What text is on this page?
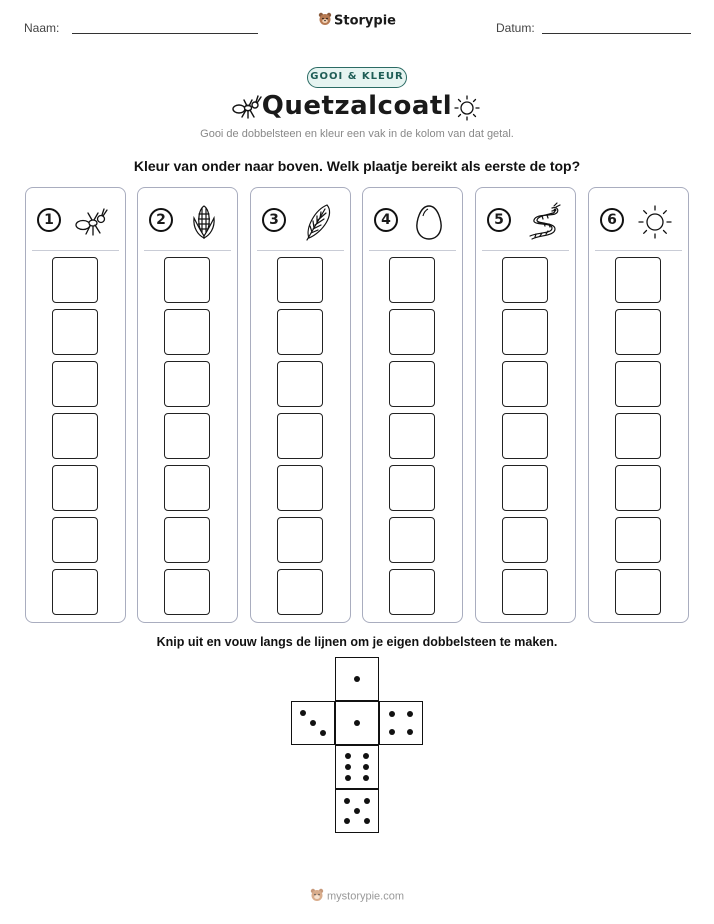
Naam:	Storypie	Datum:
GOOI & KLEUR
Quetzalcoatl
Gooi de dobbelsteen en kleur een vak in de kolom van dat getal.
Kleur van onder naar boven. Welk plaatje bereikt als eerste de top?
1	2	3	4	5	6
Knip uit en vouw langs de lijnen om je eigen dobbelsteen te maken.
mystorypie.com
